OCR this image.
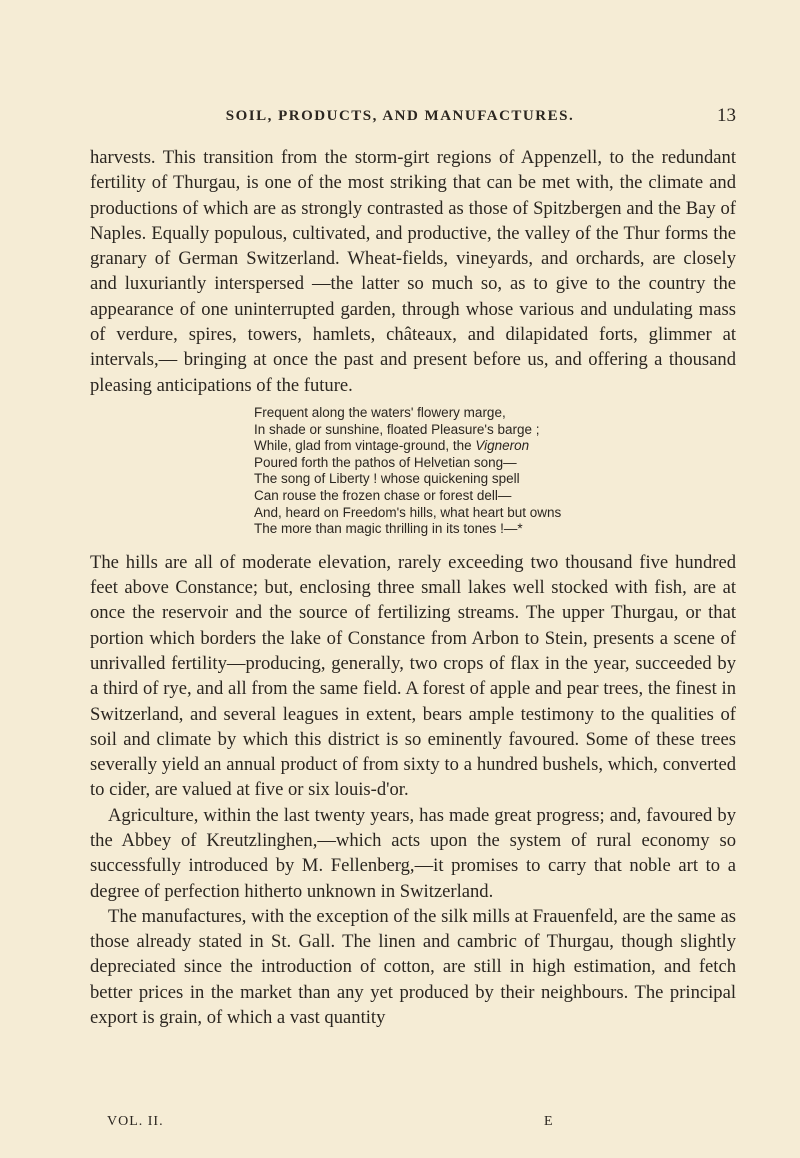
SOIL, PRODUCTS, AND MANUFACTURES.	13

harvests. This transition from the storm-girt regions of Appenzell, to the redundant fertility of Thurgau, is one of the most striking that can be met with, the climate and productions of which are as strongly contrasted as those of Spitzbergen and the Bay of Naples. Equally populous, cultivated, and productive, the valley of the Thur forms the granary of German Switzerland. Wheat-fields, vineyards, and orchards, are closely and luxuriantly interspersed —the latter so much so, as to give to the country the appearance of one uninterrupted garden, through whose various and undulating mass of verdure, spires, towers, hamlets, châteaux, and dilapidated forts, glimmer at intervals,— bringing at once the past and present before us, and offering a thousand pleasing anticipations of the future.

Frequent along the waters' flowery marge,
In shade or sunshine, floated Pleasure's barge ;
While, glad from vintage-ground, the Vigneron
Poured forth the pathos of Helvetian song—
The song of Liberty ! whose quickening spell
Can rouse the frozen chase or forest dell—
And, heard on Freedom's hills, what heart but owns
The more than magic thrilling in its tones !—*

The hills are all of moderate elevation, rarely exceeding two thousand five hundred feet above Constance; but, enclosing three small lakes well stocked with fish, are at once the reservoir and the source of fertilizing streams. The upper Thurgau, or that portion which borders the lake of Constance from Arbon to Stein, presents a scene of unrivalled fertility—producing, generally, two crops of flax in the year, succeeded by a third of rye, and all from the same field. A forest of apple and pear trees, the finest in Switzerland, and several leagues in extent, bears ample testimony to the qualities of soil and climate by which this district is so eminently favoured. Some of these trees severally yield an annual product of from sixty to a hundred bushels, which, converted to cider, are valued at five or six louis-d'or.

Agriculture, within the last twenty years, has made great progress; and, favoured by the Abbey of Kreutzlinghen,—which acts upon the system of rural economy so successfully introduced by M. Fellenberg,—it promises to carry that noble art to a degree of perfection hitherto unknown in Switzerland.

The manufactures, with the exception of the silk mills at Frauenfeld, are the same as those already stated in St. Gall. The linen and cambric of Thurgau, though slightly depreciated since the introduction of cotton, are still in high estimation, and fetch better prices in the market than any yet produced by their neighbours. The principal export is grain, of which a vast quantity

VOL. II.	E
